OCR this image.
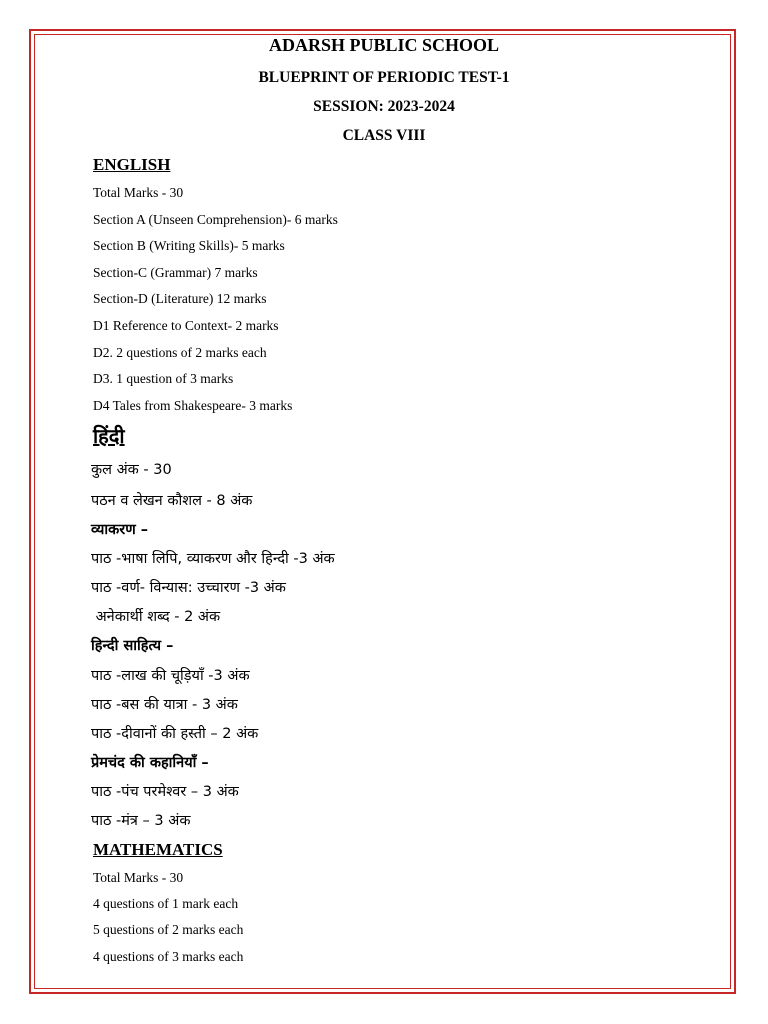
ADARSH PUBLIC SCHOOL
BLUEPRINT OF PERIODIC TEST-1
SESSION: 2023-2024
CLASS VIII
ENGLISH
Total Marks - 30
Section A (Unseen Comprehension)- 6 marks
Section B (Writing Skills)- 5 marks
Section-C (Grammar) 7 marks
Section-D (Literature) 12 marks
D1 Reference to Context- 2 marks
D2. 2 questions of 2 marks each
D3. 1 question of 3 marks
D4 Tales from Shakespeare- 3 marks
हिंदी
कुल अंक - 30
पठन व लेखन कौशल - 8 अंक
व्याकरण –
पाठ -भाषा लिपि, व्याकरण और हिन्दी -3 अंक
पाठ -वर्ण- विन्यास: उच्चारण -3 अंक
अनेकार्थी शब्द - 2 अंक
हिन्दी साहित्य –
पाठ -लाख की चूड़ियाँ -3 अंक
पाठ -बस की यात्रा - 3 अंक
पाठ -दीवानों की हस्ती – 2 अंक
प्रेमचंद की कहानियाँ –
पाठ -पंच परमेश्वर – 3 अंक
पाठ -मंत्र – 3 अंक
MATHEMATICS
Total Marks - 30
4 questions of 1 mark each
5 questions of 2 marks each
4 questions of 3 marks each
